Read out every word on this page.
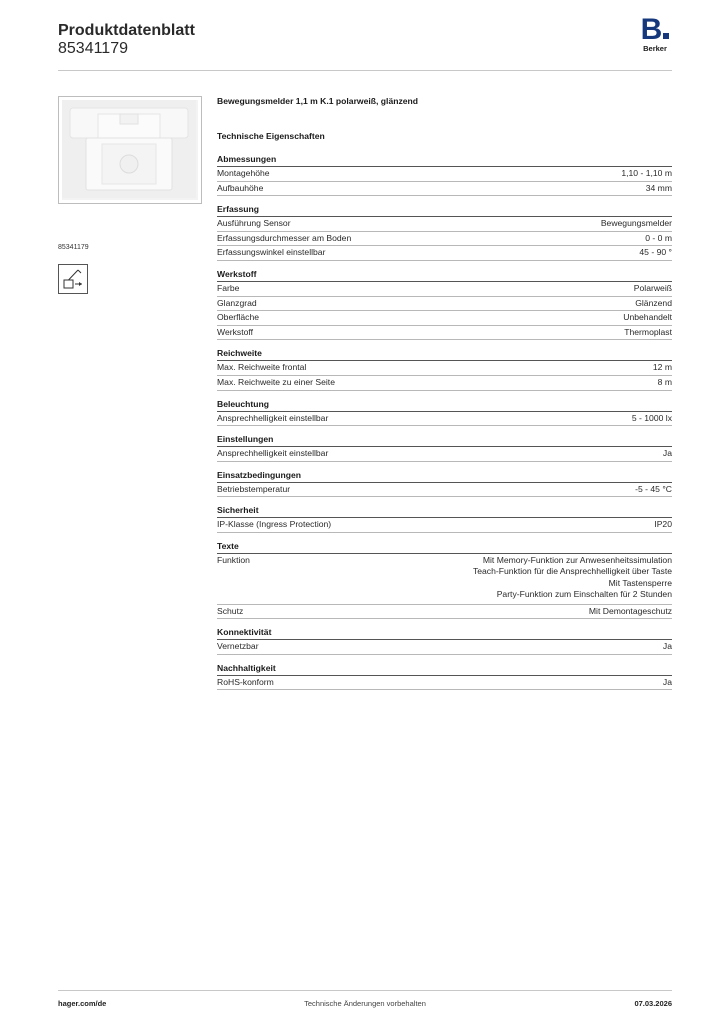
Produktdatenblatt
85341179
B
Berker
85341179
Bewegungsmelder 1,1 m K.1 polarweiß, glänzend
Technische Eigenschaften
Abmessungen
Montagehöhe	1,10 - 1,10 m
Aufbauhöhe	34 mm
Erfassung
Ausführung Sensor	Bewegungsmelder
Erfassungsdurchmesser am Boden	0 - 0 m
Erfassungswinkel einstellbar	45 - 90 °
Werkstoff
Farbe	Polarweiß
Glanzgrad	Glänzend
Oberfläche	Unbehandelt
Werkstoff	Thermoplast
Reichweite
Max. Reichweite frontal	12 m
Max. Reichweite zu einer Seite	8 m
Beleuchtung
Ansprechhelligkeit einstellbar	5 - 1000 lx
Einstellungen
Ansprechhelligkeit einstellbar	Ja
Einsatzbedingungen
Betriebstemperatur	-5 - 45 °C
Sicherheit
IP-Klasse (Ingress Protection)	IP20
Texte
Funktion	Mit Memory-Funktion zur Anwesenheitssimulation
Teach-Funktion für die Ansprechhelligkeit über Taste
Mit Tastensperre
Party-Funktion zum Einschalten für 2 Stunden
Schutz	Mit Demontageschutz
Konnektivität
Vernetzbar	Ja
Nachhaltigkeit
RoHS-konform	Ja
hager.com/de	Technische Änderungen vorbehalten	07.03.2026
